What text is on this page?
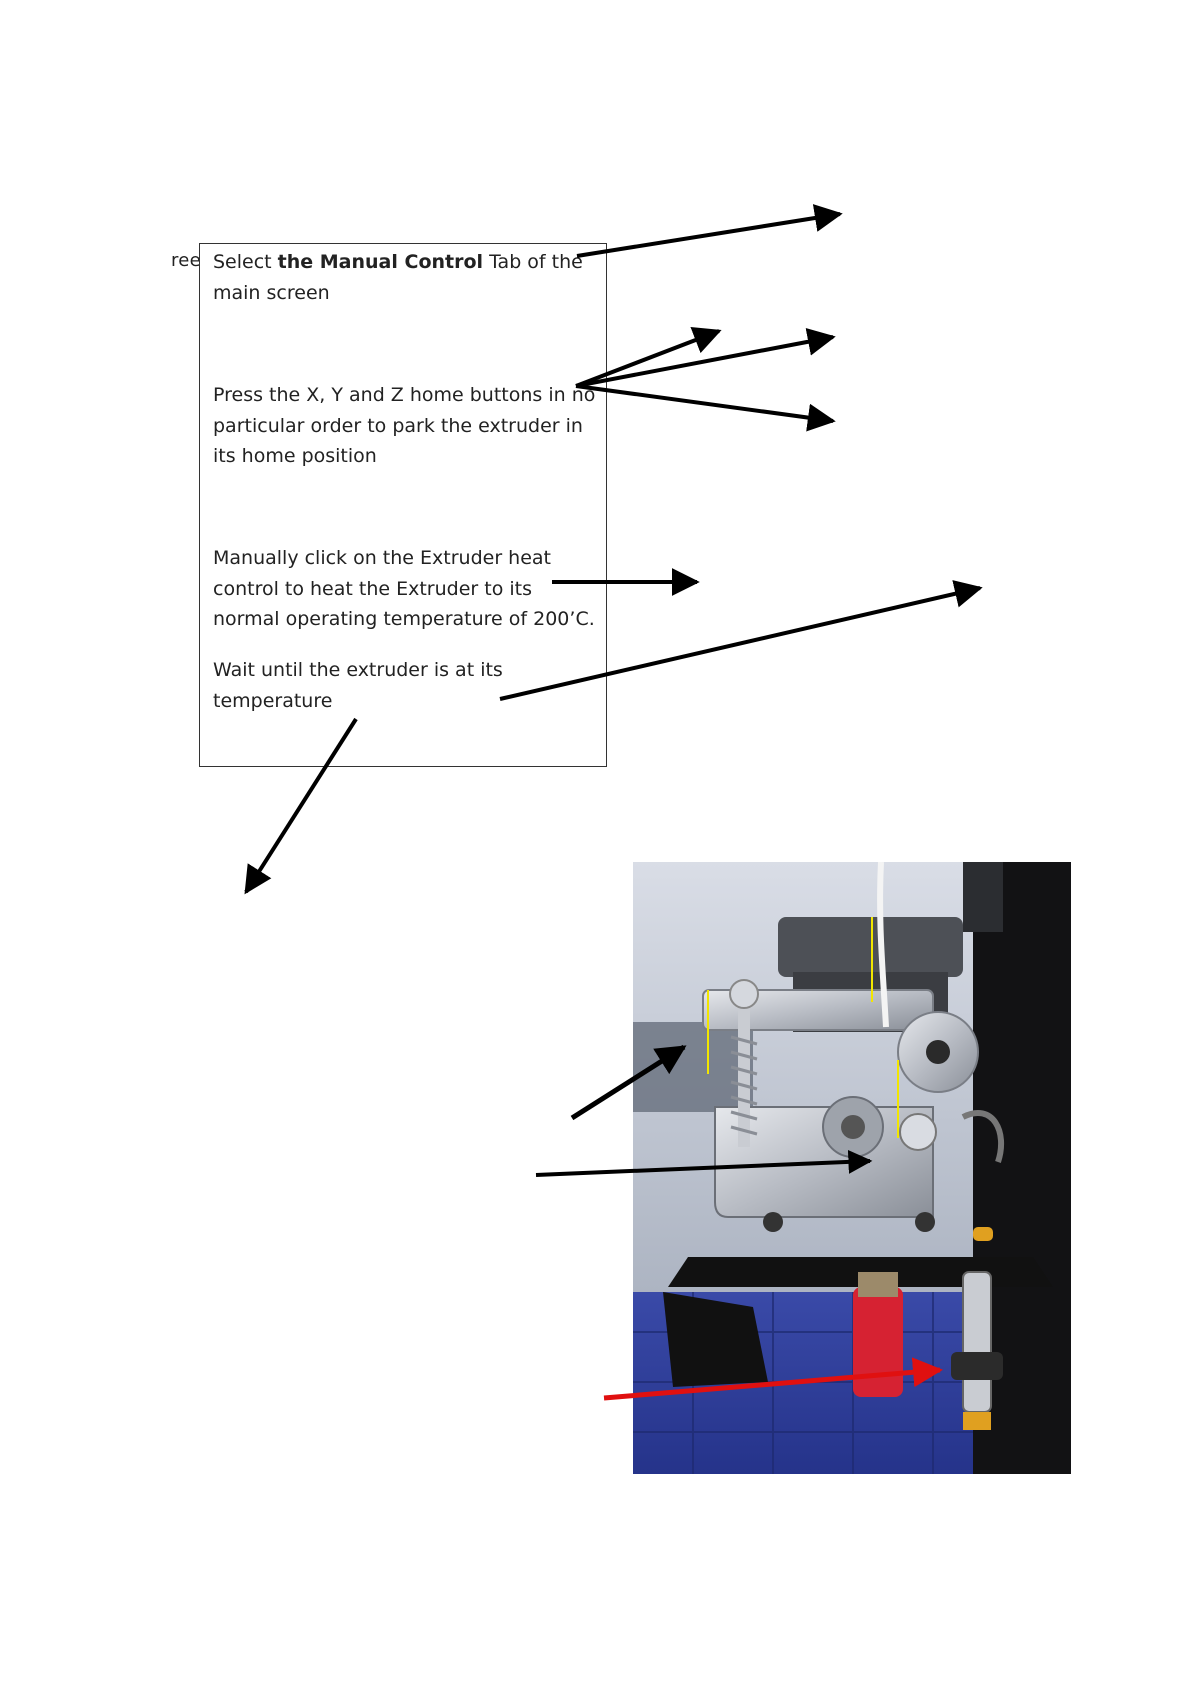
ree Select the Manual Control Tab of the main screen
Press the X, Y and Z home buttons in no particular order to park the extruder in its home position
Manually click on the Extruder heat control to heat the Extruder to its normal operating temperature of 200’C.
Wait until the extruder is at its temperature
